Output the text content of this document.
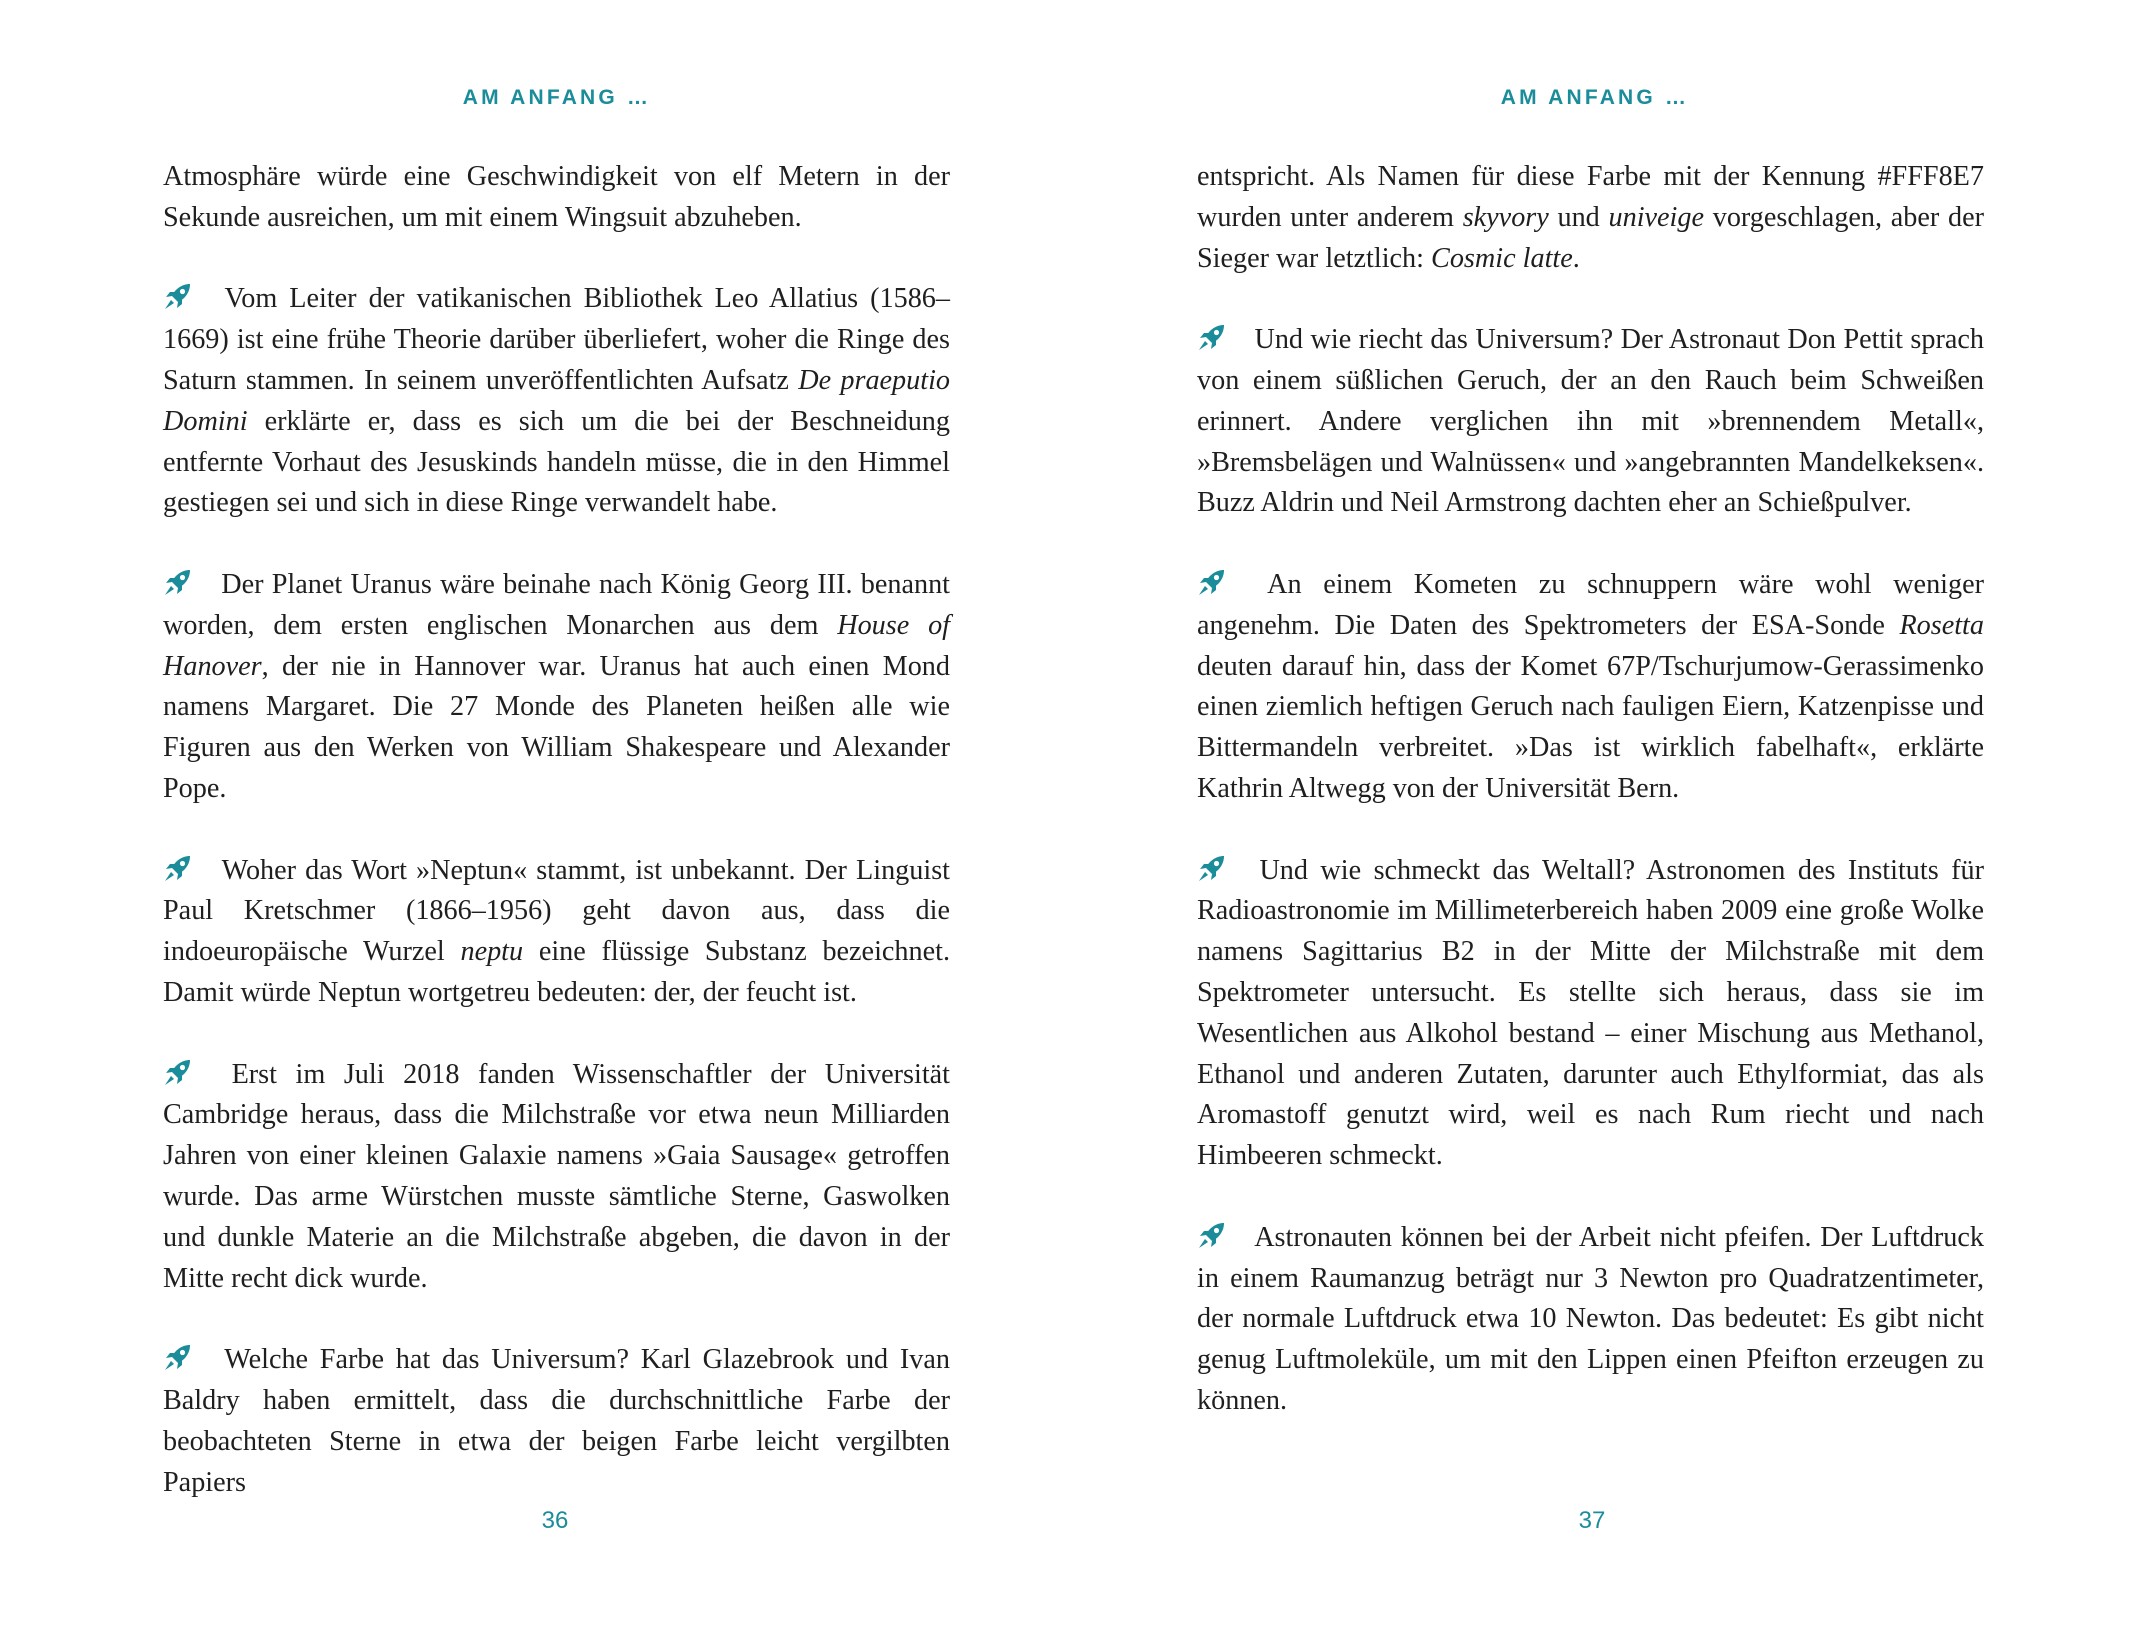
AM ANFANG …

Atmosphäre würde eine Geschwindigkeit von elf Metern in der Sekunde ausreichen, um mit einem Wingsuit abzuheben.

Vom Leiter der vatikanischen Bibliothek Leo Allatius (1586–1669) ist eine frühe Theorie darüber überliefert, woher die Ringe des Saturn stammen. In seinem unveröffentlichten Aufsatz De praeputio Domini erklärte er, dass es sich um die bei der Beschneidung entfernte Vorhaut des Jesuskinds handeln müsse, die in den Himmel gestiegen sei und sich in diese Ringe verwandelt habe.

Der Planet Uranus wäre beinahe nach König Georg III. benannt worden, dem ersten englischen Monarchen aus dem House of Hanover, der nie in Hannover war. Uranus hat auch einen Mond namens Margaret. Die 27 Monde des Planeten heißen alle wie Figuren aus den Werken von William Shakespeare und Alexander Pope.

Woher das Wort »Neptun« stammt, ist unbekannt. Der Linguist Paul Kretschmer (1866–1956) geht davon aus, dass die indoeuropäische Wurzel neptu eine flüssige Substanz bezeichnet. Damit würde Neptun wortgetreu bedeuten: der, der feucht ist.

Erst im Juli 2018 fanden Wissenschaftler der Universität Cambridge heraus, dass die Milchstraße vor etwa neun Milliarden Jahren von einer kleinen Galaxie namens »Gaia Sausage« getroffen wurde. Das arme Würstchen musste sämtliche Sterne, Gaswolken und dunkle Materie an die Milchstraße abgeben, die davon in der Mitte recht dick wurde.

Welche Farbe hat das Universum? Karl Glazebrook und Ivan Baldry haben ermittelt, dass die durchschnittliche Farbe der beobachteten Sterne in etwa der beigen Farbe leicht vergilbten Papiers

36
AM ANFANG …

entspricht. Als Namen für diese Farbe mit der Kennung #FFF8E7 wurden unter anderem skyvory und univeige vorgeschlagen, aber der Sieger war letztlich: Cosmic latte.

Und wie riecht das Universum? Der Astronaut Don Pettit sprach von einem süßlichen Geruch, der an den Rauch beim Schweißen erinnert. Andere verglichen ihn mit »brennendem Metall«, »Bremsbelägen und Walnüssen« und »angebrannten Mandelkeksen«. Buzz Aldrin und Neil Armstrong dachten eher an Schießpulver.

An einem Kometen zu schnuppern wäre wohl weniger angenehm. Die Daten des Spektrometers der ESA-Sonde Rosetta deuten darauf hin, dass der Komet 67P/Tschurjumow-Gerassimenko einen ziemlich heftigen Geruch nach fauligen Eiern, Katzenpisse und Bittermandeln verbreitet. »Das ist wirklich fabelhaft«, erklärte Kathrin Altwegg von der Universität Bern.

Und wie schmeckt das Weltall? Astronomen des Instituts für Radioastronomie im Millimeterbereich haben 2009 eine große Wolke namens Sagittarius B2 in der Mitte der Milchstraße mit dem Spektrometer untersucht. Es stellte sich heraus, dass sie im Wesentlichen aus Alkohol bestand – einer Mischung aus Methanol, Ethanol und anderen Zutaten, darunter auch Ethylformiat, das als Aromastoff genutzt wird, weil es nach Rum riecht und nach Himbeeren schmeckt.

Astronauten können bei der Arbeit nicht pfeifen. Der Luftdruck in einem Raumanzug beträgt nur 3 Newton pro Quadratzentimeter, der normale Luftdruck etwa 10 Newton. Das bedeutet: Es gibt nicht genug Luftmoleküle, um mit den Lippen einen Pfeifton erzeugen zu können.

37
